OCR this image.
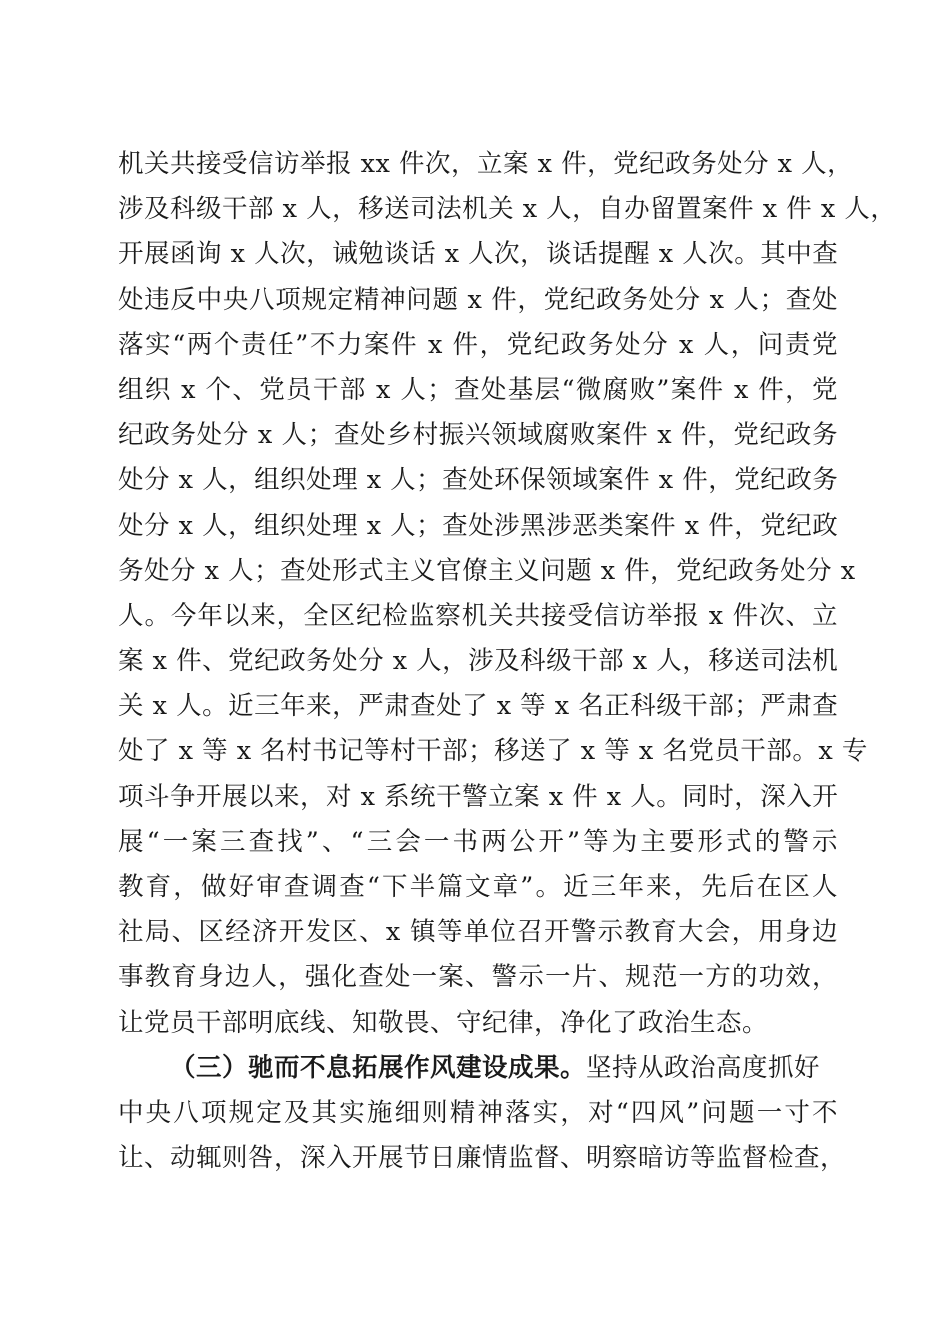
机关共接受信访举报 xx 件次，立案 x 件，党纪政务处分 x 人，
涉及科级干部 x 人，移送司法机关 x 人，自办留置案件 x 件 x 人，
开展函询 x 人次，诫勉谈话 x 人次，谈话提醒 x 人次。其中查
处违反中央八项规定精神问题 x 件，党纪政务处分 x 人；查处
落实“两个责任”不力案件 x 件，党纪政务处分 x 人，问责党
组织 x 个、党员干部 x 人；查处基层“微腐败”案件 x 件，党
纪政务处分 x 人；查处乡村振兴领域腐败案件 x 件，党纪政务
处分 x 人，组织处理 x 人；查处环保领域案件 x 件，党纪政务
处分 x 人，组织处理 x 人；查处涉黑涉恶类案件 x 件，党纪政
务处分 x 人；查处形式主义官僚主义问题 x 件，党纪政务处分 x
人。今年以来，全区纪检监察机关共接受信访举报 x 件次、立
案 x 件、党纪政务处分 x 人，涉及科级干部 x 人，移送司法机
关 x 人。近三年来，严肃查处了 x 等 x 名正科级干部；严肃查
处了 x 等 x 名村书记等村干部；移送了 x 等 x 名党员干部。x 专
项斗争开展以来，对 x 系统干警立案 x 件 x 人。同时，深入开
展“一案三查找”、“三会一书两公开”等为主要形式的警示
教育，做好审查调查“下半篇文章”。近三年来，先后在区人
社局、区经济开发区、x 镇等单位召开警示教育大会，用身边
事教育身边人，强化查处一案、警示一片、规范一方的功效，
让党员干部明底线、知敬畏、守纪律，净化了政治生态。
（三）驰而不息拓展作风建设成果。坚持从政治高度抓好
中央八项规定及其实施细则精神落实，对“四风”问题一寸不
让、动辄则咎，深入开展节日廉情监督、明察暗访等监督检查，
